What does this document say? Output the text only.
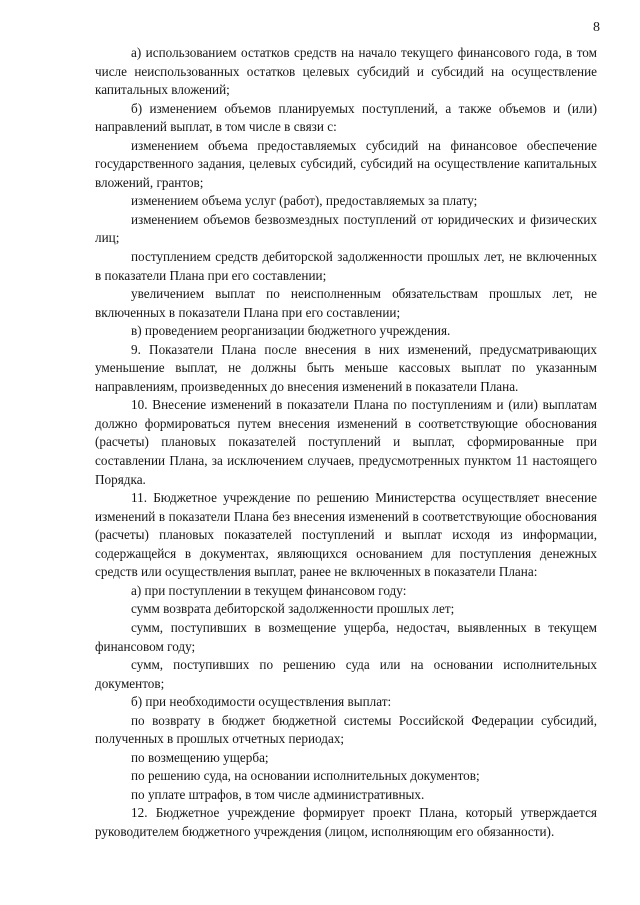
8

а) использованием остатков средств на начало текущего финансового года, в том числе неиспользованных остатков целевых субсидий и субсидий на осуществление капитальных вложений;

б) изменением объемов планируемых поступлений, а также объемов и (или) направлений выплат, в том числе в связи с:

изменением объема предоставляемых субсидий на финансовое обеспечение государственного задания, целевых субсидий, субсидий на осуществление капитальных вложений, грантов;

изменением объема услуг (работ), предоставляемых за плату;

изменением объемов безвозмездных поступлений от юридических и физических лиц;

поступлением средств дебиторской задолженности прошлых лет, не включенных в показатели Плана при его составлении;

увеличением выплат по неисполненным обязательствам прошлых лет, не включенных в показатели Плана при его составлении;

в) проведением реорганизации бюджетного учреждения.

9. Показатели Плана после внесения в них изменений, предусматривающих уменьшение выплат, не должны быть меньше кассовых выплат по указанным направлениям, произведенных до внесения изменений в показатели Плана.

10. Внесение изменений в показатели Плана по поступлениям и (или) выплатам должно формироваться путем внесения изменений в соответствующие обоснования (расчеты) плановых показателей поступлений и выплат, сформированные при составлении Плана, за исключением случаев, предусмотренных пунктом 11 настоящего Порядка.

11. Бюджетное учреждение по решению Министерства осуществляет внесение изменений в показатели Плана без внесения изменений в соответствующие обоснования (расчеты) плановых показателей поступлений и выплат исходя из информации, содержащейся в документах, являющихся основанием для поступления денежных средств или осуществления выплат, ранее не включенных в показатели Плана:

а) при поступлении в текущем финансовом году:

сумм возврата дебиторской задолженности прошлых лет;

сумм, поступивших в возмещение ущерба, недостач, выявленных в текущем финансовом году;

сумм, поступивших по решению суда или на основании исполнительных документов;

б) при необходимости осуществления выплат:

по возврату в бюджет бюджетной системы Российской Федерации субсидий, полученных в прошлых отчетных периодах;

по возмещению ущерба;

по решению суда, на основании исполнительных документов;

по уплате штрафов, в том числе административных.

12. Бюджетное учреждение формирует проект Плана, который утверждается руководителем бюджетного учреждения (лицом, исполняющим его обязанности).
